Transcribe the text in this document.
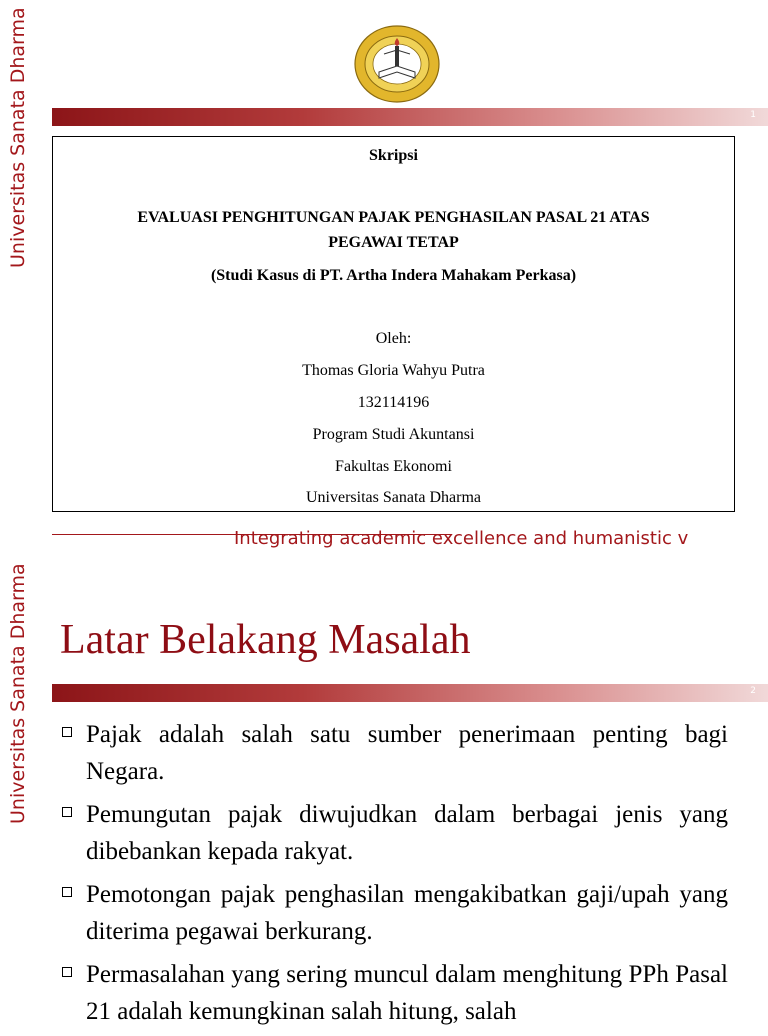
Universitas Sanata Dharma	1
Skripsi
EVALUASI PENGHITUNGAN PAJAK PENGHASILAN PASAL 21 ATAS
PEGAWAI TETAP
(Studi Kasus di PT. Artha Indera Mahakam Perkasa)
Oleh:
Thomas Gloria Wahyu Putra
132114196
Program Studi Akuntansi
Fakultas Ekonomi
Universitas Sanata Dharma
Integrating academic excellence and humanistic v
Universitas Sanata Dharma Latar Belakang Masalah
2
Pajak adalah salah satu sumber penerimaan penting bagi Negara.
Pemungutan pajak diwujudkan dalam berbagai jenis yang dibebankan kepada rakyat.
Pemotongan pajak penghasilan mengakibatkan gaji/upah yang diterima pegawai berkurang.
Permasalahan yang sering muncul dalam menghitung PPh Pasal 21 adalah kemungkinan salah hitung, salah
